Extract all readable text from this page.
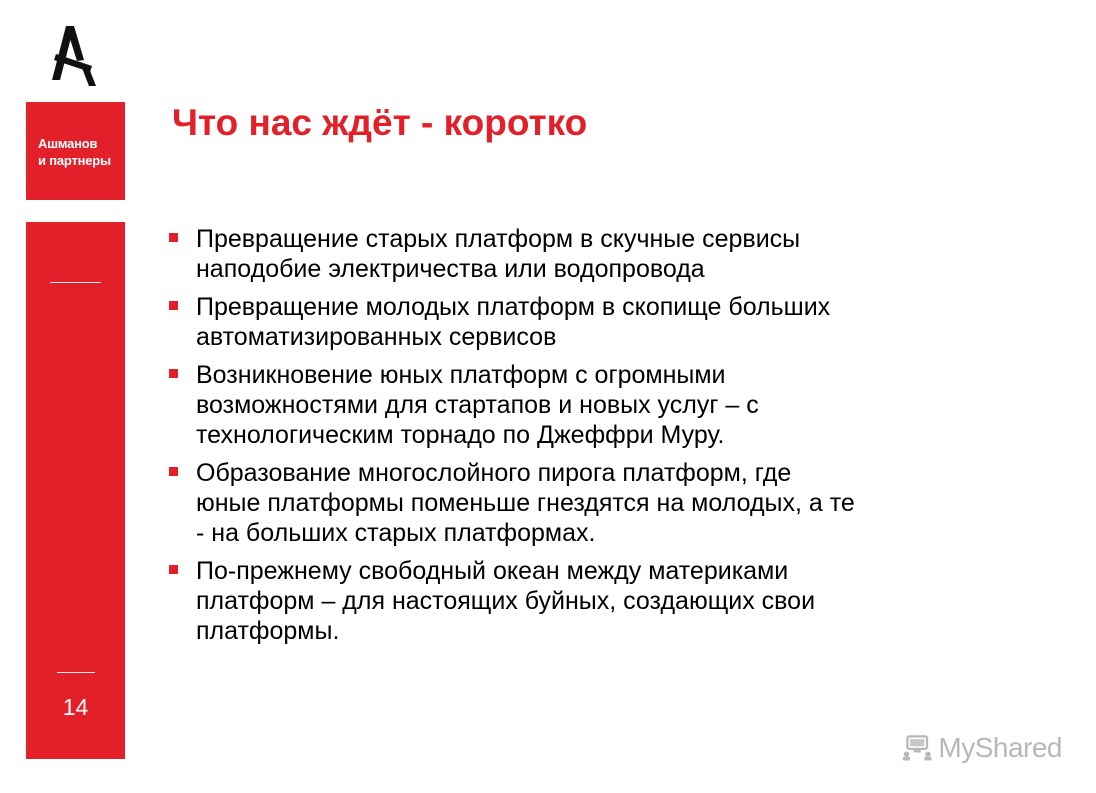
Ашманов
и партнеры
14
Что нас ждёт - коротко
Превращение старых платформ в скучные сервисы
наподобие электричества или водопровода
Превращение молодых платформ в скопище больших
автоматизированных сервисов
Возникновение юных платформ с огромными
возможностями для стартапов и новых услуг – с
технологическим торнадо по Джеффри Муру.
Образование многослойного пирога платформ, где
юные платформы поменьше гнездятся на молодых, а те
- на больших старых платформах.
По-прежнему свободный океан между материками
платформ – для настоящих буйных, создающих свои
платформы.
MyShared
